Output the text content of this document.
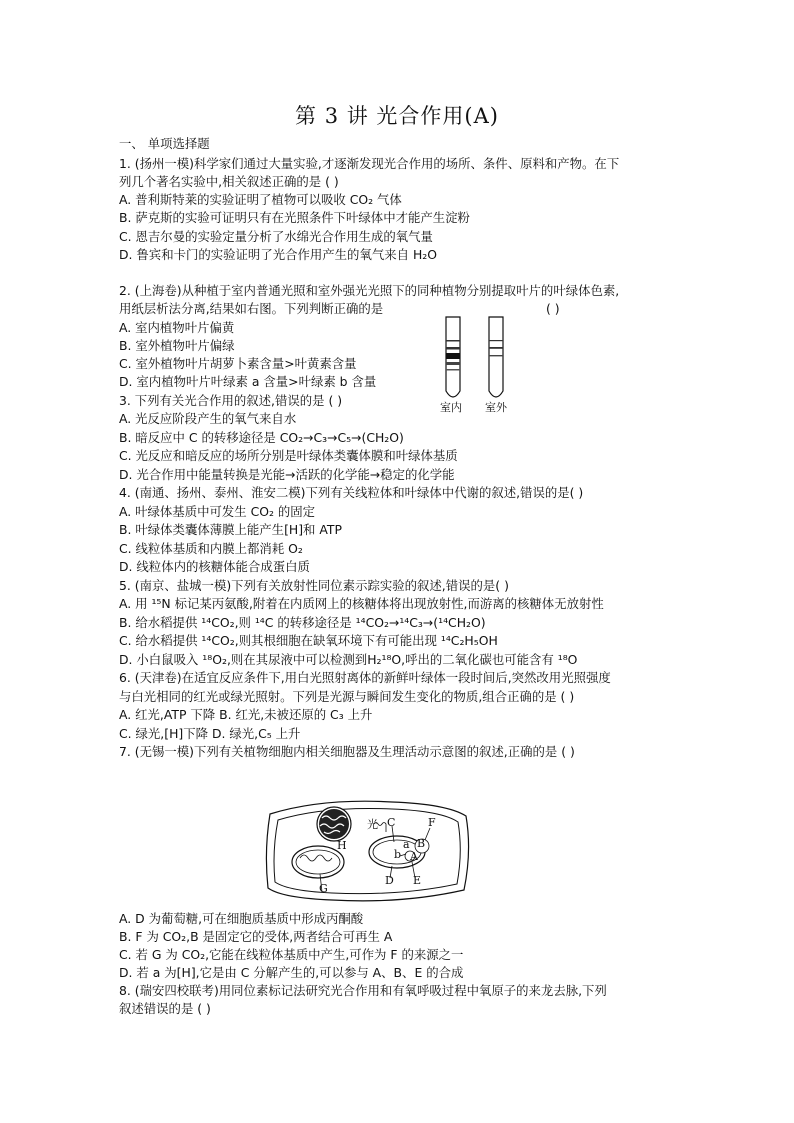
第 3 讲 光合作用(A)
一、 单项选择题
1. (扬州一模)科学家们通过大量实验,才逐渐发现光合作用的场所、条件、原料和产物。在下
列几个著名实验中,相关叙述正确的是 ( )
A. 普利斯特莱的实验证明了植物可以吸收 CO₂ 气体
B. 萨克斯的实验可证明只有在光照条件下叶绿体中才能产生淀粉
C. 恩吉尔曼的实验定量分析了水绵光合作用生成的氧气量
D. 鲁宾和卡门的实验证明了光合作用产生的氧气来自 H₂O
2. (上海卷)从种植于室内普通光照和室外强光光照下的同种植物分别提取叶片的叶绿体色素,
用纸层析法分离,结果如右图。下列判断正确的是	( )
A. 室内植物叶片偏黄
B. 室外植物叶片偏绿
C. 室外植物叶片胡萝卜素含量>叶黄素含量
D. 室内植物叶片叶绿素 a 含量>叶绿素 b 含量
室内 室外
3. 下列有关光合作用的叙述,错误的是 ( )
A. 光反应阶段产生的氧气来自水
B. 暗反应中 C 的转移途径是 CO₂→C₃→C₅→(CH₂O)
C. 光反应和暗反应的场所分别是叶绿体类囊体膜和叶绿体基质
D. 光合作用中能量转换是光能→活跃的化学能→稳定的化学能
4. (南通、扬州、泰州、淮安二模)下列有关线粒体和叶绿体中代谢的叙述,错误的是( )
A. 叶绿体基质中可发生 CO₂ 的固定
B. 叶绿体类囊体薄膜上能产生[H]和 ATP
C. 线粒体基质和内膜上都消耗 O₂
D. 线粒体内的核糖体能合成蛋白质
5. (南京、盐城一模)下列有关放射性同位素示踪实验的叙述,错误的是( )
A. 用 ¹⁵N 标记某丙氨酸,附着在内质网上的核糖体将出现放射性,而游离的核糖体无放射性
B. 给水稻提供 ¹⁴CO₂,则 ¹⁴C 的转移途径是 ¹⁴CO₂→¹⁴C₃→(¹⁴CH₂O)
C. 给水稻提供 ¹⁴CO₂,则其根细胞在缺氧环境下有可能出现 ¹⁴C₂H₅OH
D. 小白鼠吸入 ¹⁸O₂,则在其尿液中可以检测到H₂¹⁸O,呼出的二氧化碳也可能含有 ¹⁸O
6. (天津卷)在适宜反应条件下,用白光照射离体的新鲜叶绿体一段时间后,突然改用光照强度
与白光相同的红光或绿光照射。下列是光源与瞬间发生变化的物质,组合正确的是 ( )
A. 红光,ATP 下降 B. 红光,未被还原的 C₃ 上升
C. 绿光,[H]下降 D. 绿光,C₅ 上升
7. (无锡一模)下列有关植物细胞内相关细胞器及生理活动示意图的叙述,正确的是 ( )
光 C	F
H	a B
b A
D E
G
A. D 为葡萄糖,可在细胞质基质中形成丙酮酸
B. F 为 CO₂,B 是固定它的受体,两者结合可再生 A
C. 若 G 为 CO₂,它能在线粒体基质中产生,可作为 F 的来源之一
D. 若 a 为[H],它是由 C 分解产生的,可以参与 A、B、E 的合成
8. (瑞安四校联考)用同位素标记法研究光合作用和有氧呼吸过程中氧原子的来龙去脉,下列
叙述错误的是 ( )
